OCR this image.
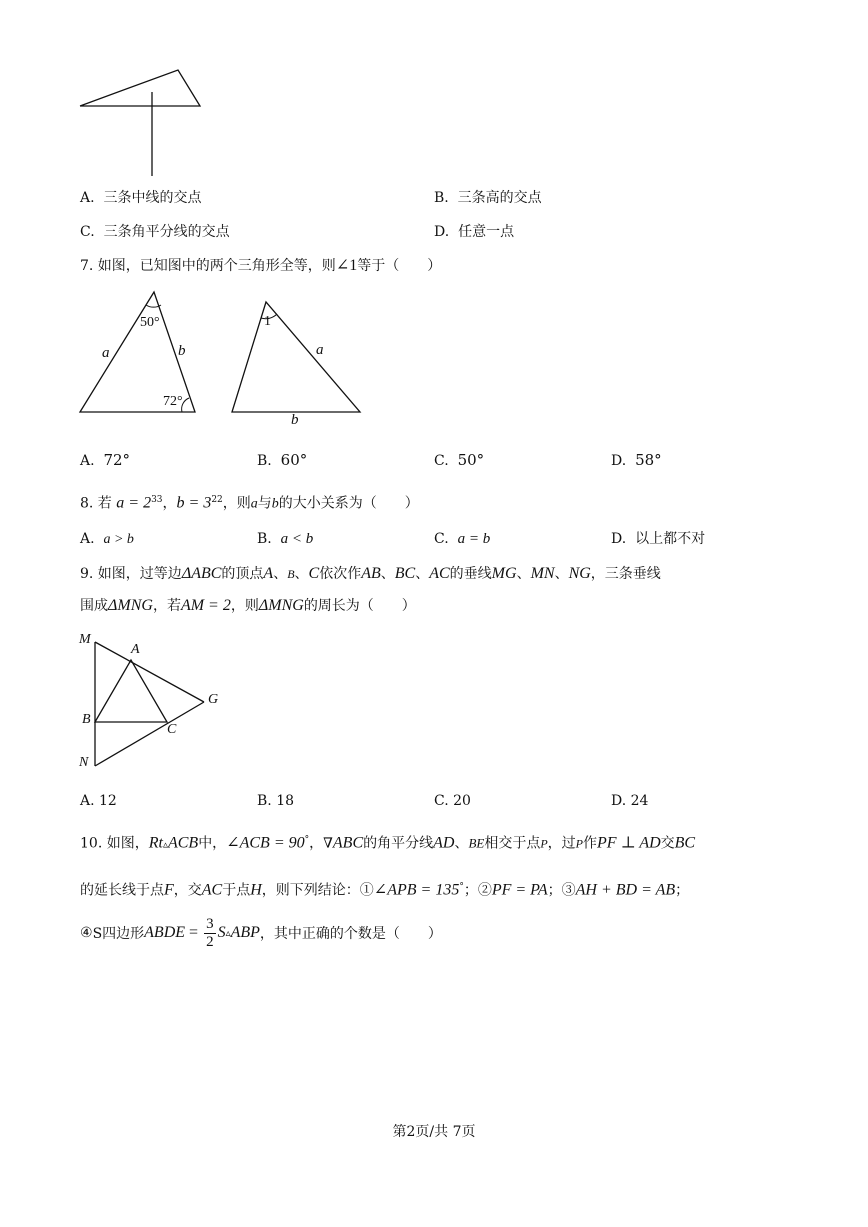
A. 三条中线的交点	B. 三条高的交点
C. 三条角平分线的交点	D. 任意一点
7. 如图，已知图中的两个三角形全等，则∠1等于（　　）
50°
72°
a	b
1
a
b
A. 72°	B. 60°	C. 50°	D. 58°
8. 若 $a = 2^{33}$，$b = 3^{22}$，则a与b的大小关系为（　　）
A. a > b	B. a < b	C. a = b	D. 以上都不对
9. 如图，过等边ΔABC的顶点A、B、C依次作AB、BC、AC的垂线MG、MN、NG，三条垂线
围成ΔMNG，若AM = 2，则ΔMNG的周长为（　　）
M
A
G
B
C
N
A. 12	B. 18	C. 20	D. 24
10. 如图，Rt▵ACB中，∠ACB = 90°，∇ABC的角平分线AD、BE相交于点P，过P作PF ⊥ AD交BC
的延长线于点F，交AC于点H，则下列结论：①∠APB = 135°；②PF = PA；③AH + BD = AB；
④ S四边形 ABDE = $\frac{3}{2}$ S ▵ ABP ，其中正确的个数是（　　）
第2页/共 7页
